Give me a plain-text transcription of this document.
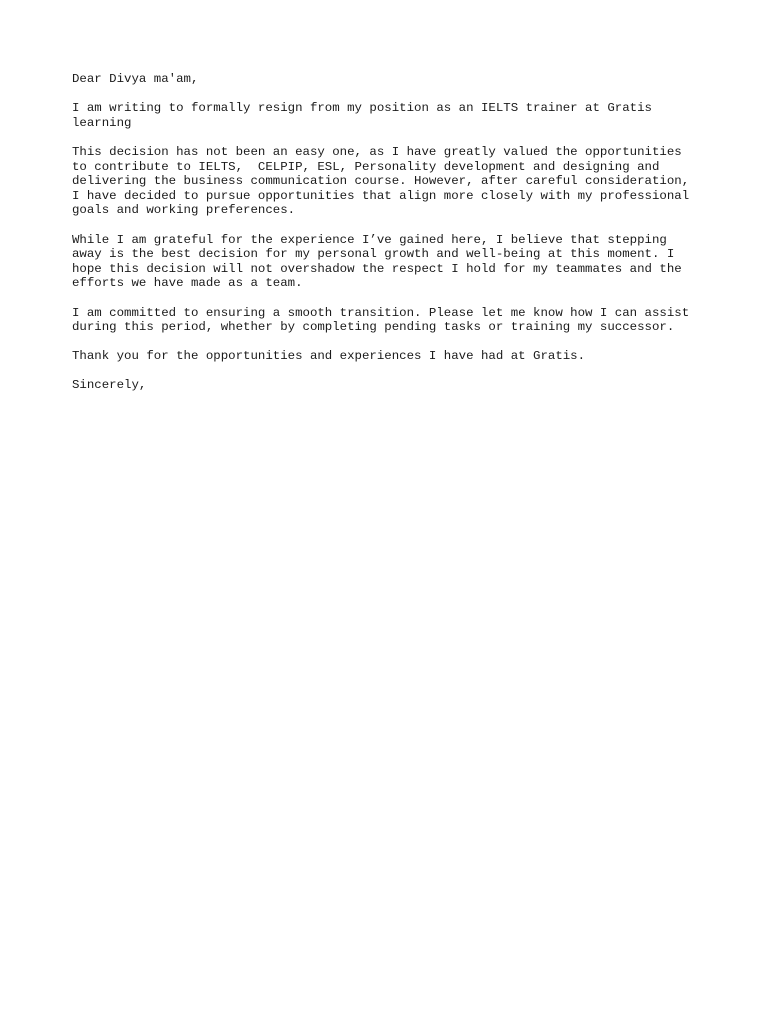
Dear Divya ma'am,

I am writing to formally resign from my position as an IELTS trainer at Gratis
learning

This decision has not been an easy one, as I have greatly valued the opportunities
to contribute to IELTS,  CELPIP, ESL, Personality development and designing and
delivering the business communication course. However, after careful consideration,
I have decided to pursue opportunities that align more closely with my professional
goals and working preferences.

While I am grateful for the experience I’ve gained here, I believe that stepping
away is the best decision for my personal growth and well-being at this moment. I
hope this decision will not overshadow the respect I hold for my teammates and the
efforts we have made as a team.

I am committed to ensuring a smooth transition. Please let me know how I can assist
during this period, whether by completing pending tasks or training my successor.

Thank you for the opportunities and experiences I have had at Gratis.

Sincerely,
